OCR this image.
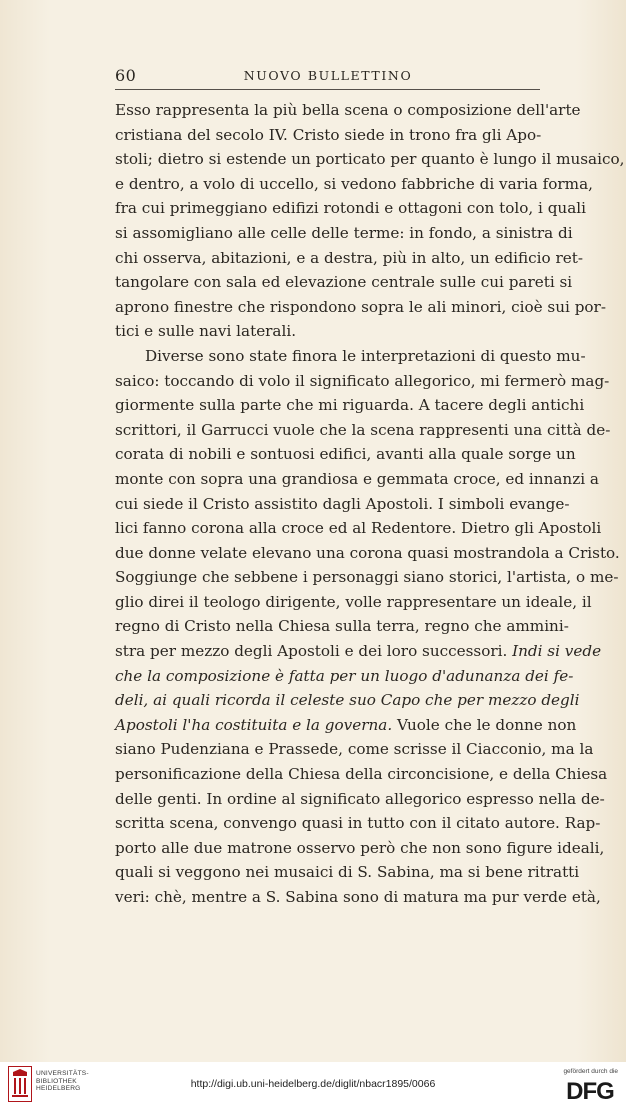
60	NUOVO BULLETTINO
Esso rappresenta la più bella scena o composizione dell'arte
cristiana del secolo IV. Cristo siede in trono fra gli Apo-
stoli; dietro si estende un porticato per quanto è lungo il musaico,
e dentro, a volo di uccello, si vedono fabbriche di varia forma,
fra cui primeggiano edifizi rotondi e ottagoni con tolo, i quali
si assomigliano alle celle delle terme: in fondo, a sinistra di
chi osserva, abitazioni, e a destra, più in alto, un edificio ret-
tangolare con sala ed elevazione centrale sulle cui pareti si
aprono finestre che rispondono sopra le ali minori, cioè sui por-
tici e sulle navi laterali.
Diverse sono state finora le interpretazioni di questo mu-
saico: toccando di volo il significato allegorico, mi fermerò mag-
giormente sulla parte che mi riguarda. A tacere degli antichi
scrittori, il Garrucci vuole che la scena rappresenti una città de-
corata di nobili e sontuosi edifici, avanti alla quale sorge un
monte con sopra una grandiosa e gemmata croce, ed innanzi a
cui siede il Cristo assistito dagli Apostoli. I simboli evange-
lici fanno corona alla croce ed al Redentore. Dietro gli Apostoli
due donne velate elevano una corona quasi mostrandola a Cristo.
Soggiunge che sebbene i personaggi siano storici, l'artista, o me-
glio direi il teologo dirigente, volle rappresentare un ideale, il
regno di Cristo nella Chiesa sulla terra, regno che ammini-
stra per mezzo degli Apostoli e dei loro successori. Indi si vede
che la composizione è fatta per un luogo d'adunanza dei fe-
deli, ai quali ricorda il celeste suo Capo che per mezzo degli
Apostoli l'ha costituita e la governa. Vuole che le donne non
siano Pudenziana e Prassede, come scrisse il Ciacconio, ma la
personificazione della Chiesa della circoncisione, e della Chiesa
delle genti. In ordine al significato allegorico espresso nella de-
scritta scena, convengo quasi in tutto con il citato autore. Rap-
porto alle due matrone osservo però che non sono figure ideali,
quali si veggono nei musaici di S. Sabina, ma si bene ritratti
veri: chè, mentre a S. Sabina sono di matura ma pur verde età,
UNIVERSITÄTS-
BIBLIOTHEK
HEIDELBERG	http://digi.ub.uni-heidelberg.de/diglit/nbacr1895/0066
gefördert durch die
DFG
